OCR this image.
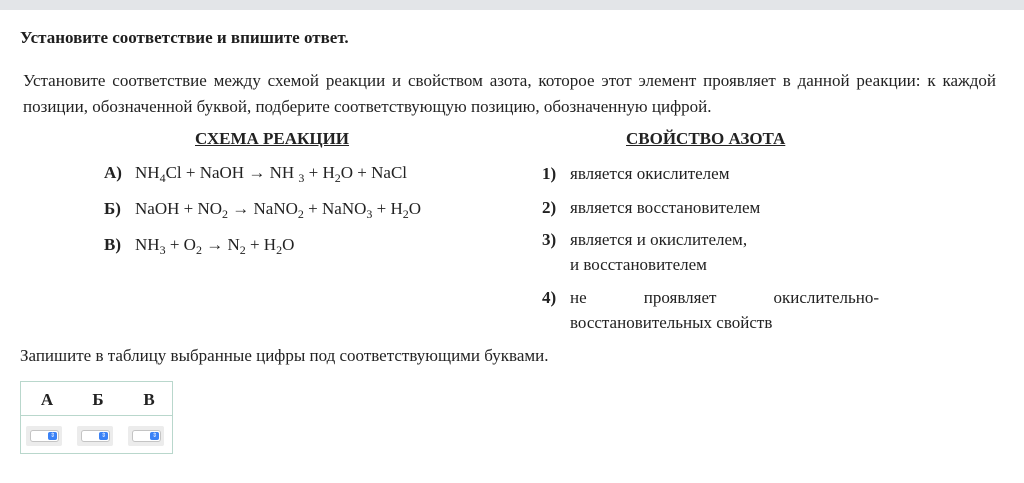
Установите соответствие и впишите ответ.
Установите соответствие между схемой реакции и свойством азота, которое этот элемент проявляет в данной реакции: к каждой позиции, обозначенной буквой, подберите соответствующую позицию, обозначенную цифрой.
СХЕМА РЕАКЦИИ	СВОЙСТВО АЗОТА
А) $NH_4Cl$ + NaOH → NH $_3 + H_2O$ + NaCl
Б) NaOH + $NO_2$ → NaNO$_2$ + NaNO$_3$ + $H_2O$
В) $NH_3 + O_2 \to N_2 + H_2O$
1) является окислителем
2) является восстановителем
3) является и окислителем,
и восстановителем
4) не	проявляет	окислительно-
восстановительных свойств
Запишите в таблицу выбранные цифры под соответствующими буквами.
А	Б	В
⇕	⇕	⇕
